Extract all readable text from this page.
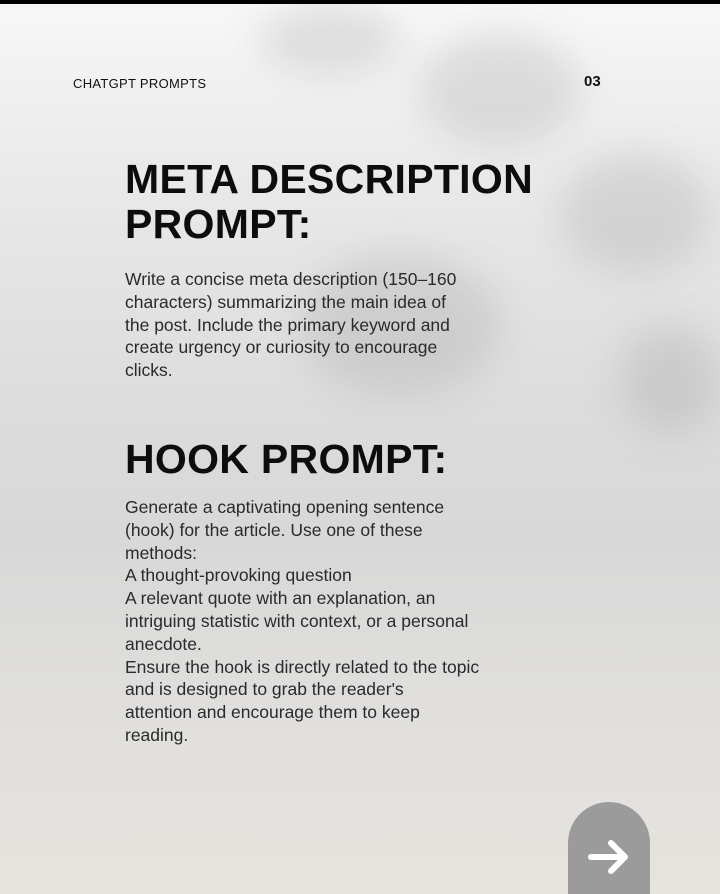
CHATGPT PROMPTS	03
META DESCRIPTION
PROMPT:
Write a concise meta description (150–160
characters) summarizing the main idea of
the post. Include the primary keyword and
create urgency or curiosity to encourage
clicks.
HOOK PROMPT:
Generate a captivating opening sentence
(hook) for the article. Use one of these
methods:
A thought-provoking question
A relevant quote with an explanation, an
intriguing statistic with context, or a personal
anecdote.
Ensure the hook is directly related to the topic
and is designed to grab the reader's
attention and encourage them to keep
reading.
